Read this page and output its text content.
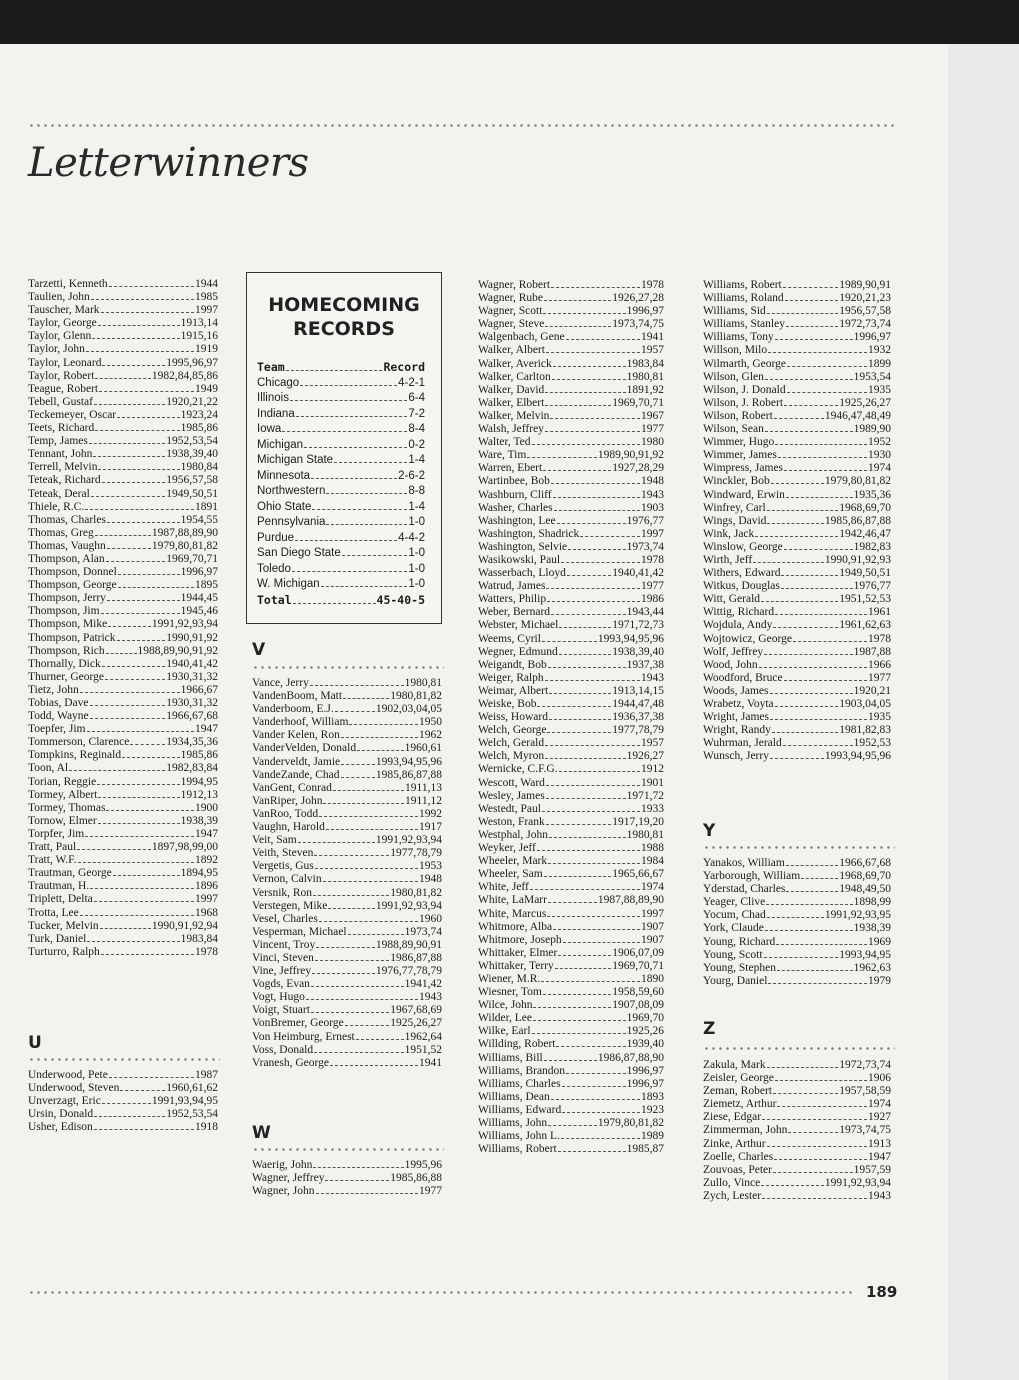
Letterwinners
Tarzetti, Kenneth	1944
Taulien, John	1985
Tauscher, Mark	1997
Taylor, George	1913,14
Taylor, Glenn	1915,16
Taylor, John	1919
Taylor, Leonard	1995,96,97
Taylor, Robert	1982,84,85,86
Teague, Robert	1949
Tebell, Gustaf	1920,21,22
Teckemeyer, Oscar	1923,24
Teets, Richard	1985,86
Temp, James	1952,53,54
Tennant, John	1938,39,40
Terrell, Melvin	1980,84
Teteak, Richard	1956,57,58
Teteak, Deral	1949,50,51
Thiele, R.C.	1891
Thomas, Charles	1954,55
Thomas, Greg	1987,88,89,90
Thomas, Vaughn	1979,80,81,82
Thompson, Alan	1969,70,71
Thompson, Donnel	1996,97
Thompson, George	1895
Thompson, Jerry	1944,45
Thompson, Jim	1945,46
Thompson, Mike	1991,92,93,94
Thompson, Patrick	1990,91,92
Thompson, Rich	1988,89,90,91,92
Thornally, Dick	1940,41,42
Thurner, George	1930,31,32
Tietz, John	1966,67
Tobias, Dave	1930,31,32
Todd, Wayne	1966,67,68
Toepfer, Jim	1947
Tommerson, Clarence	1934,35,36
Tompkins, Reginald	1985,86
Toon, Al	1982,83,84
Torian, Reggie	1994,95
Tormey, Albert	1912,13
Tormey, Thomas	1900
Tornow, Elmer	1938,39
Torpfer, Jim	1947
Tratt, Paul	1897,98,99,00
Tratt, W.F.	1892
Trautman, George	1894,95
Trautman, H.	1896
Triplett, Delta	1997
Trotta, Lee	1968
Tucker, Melvin	1990,91,92,94
Turk, Daniel	1983,84
Turturro, Ralph	1978
U
Underwood, Pete	1987
Underwood, Steven	1960,61,62
Unverzagt, Eric	1991,93,94,95
Ursin, Donald	1952,53,54
Usher, Edison	1918
HOMECOMING
RECORDS
Team	Record
Chicago	4-2-1
Illinois	6-4
Indiana	7-2
Iowa	8-4
Michigan	0-2
Michigan State	1-4
Minnesota	2-6-2
Northwestern	8-8
Ohio State	1-4
Pennsylvania	1-0
Purdue	4-4-2
San Diego State	1-0
Toledo	1-0
W. Michigan	1-0
Total	45-40-5
V
Vance, Jerry	1980,81
VandenBoom, Matt	1980,81,82
Vanderboom, E.J.	1902,03,04,05
Vanderhoof, William	1950
Vander Kelen, Ron	1962
VanderVelden, Donald	1960,61
Vanderveldt, Jamie	1993,94,95,96
VandeZande, Chad	1985,86,87,88
VanGent, Conrad	1911,13
VanRiper, John	1911,12
VanRoo, Todd	1992
Vaughn, Harold	1917
Veit, Sam	1991,92,93,94
Veith, Steven	1977,78,79
Vergetis, Gus	1953
Vernon, Calvin	1948
Versnik, Ron	1980,81,82
Verstegen, Mike	1991,92,93,94
Vesel, Charles	1960
Vesperman, Michael	1973,74
Vincent, Troy	1988,89,90,91
Vinci, Steven	1986,87,88
Vine, Jeffrey	1976,77,78,79
Vogds, Evan	1941,42
Vogt, Hugo	1943
Voigt, Stuart	1967,68,69
VonBremer, George	1925,26,27
Von Heimburg, Ernest	1962,64
Voss, Donald	1951,52
Vranesh, George	1941
W
Waerig, John	1995,96
Wagner, Jeffrey	1985,86,88
Wagner, John	1977
Wagner, Robert	1978
Wagner, Rube	1926,27,28
Wagner, Scott	1996,97
Wagner, Steve	1973,74,75
Walgenbach, Gene	1941
Walker, Albert	1957
Walker, Averick	1983,84
Walker, Carlton	1980,81
Walker, David	1891,92
Walker, Elbert	1969,70,71
Walker, Melvin	1967
Walsh, Jeffrey	1977
Walter, Ted	1980
Ware, Tim	1989,90,91,92
Warren, Ebert	1927,28,29
Wartinbee, Bob	1948
Washburn, Cliff	1943
Washer, Charles	1903
Washington, Lee	1976,77
Washington, Shadrick	1997
Washington, Selvie	1973,74
Wasikowski, Paul	1978
Wasserbach, Lloyd	1940,41,42
Watrud, James	1977
Watters, Philip	1986
Weber, Bernard	1943,44
Webster, Michael	1971,72,73
Weems, Cyril	1993,94,95,96
Wegner, Edmund	1938,39,40
Weigandt, Bob	1937,38
Weiger, Ralph	1943
Weimar, Albert	1913,14,15
Weiske, Bob	1944,47,48
Weiss, Howard	1936,37,38
Welch, George	1977,78,79
Welch, Gerald	1957
Welch, Myron	1926,27
Wernicke, C.F.G.	1912
Wescott, Ward	1901
Wesley, James	1971,72
Westedt, Paul	1933
Weston, Frank	1917,19,20
Westphal, John	1980,81
Weyker, Jeff	1988
Wheeler, Mark	1984
Wheeler, Sam	1965,66,67
White, Jeff	1974
White, LaMarr	1987,88,89,90
White, Marcus	1997
Whitmore, Alba	1907
Whitmore, Joseph	1907
Whittaker, Elmer	1906,07,09
Whittaker, Terry	1969,70,71
Wiener, M.R.	1890
Wiesner, Tom	1958,59,60
Wilce, John	1907,08,09
Wilder, Lee	1969,70
Wilke, Earl	1925,26
Willding, Robert	1939,40
Williams, Bill	1986,87,88,90
Williams, Brandon	1996,97
Williams, Charles	1996,97
Williams, Dean	1893
Williams, Edward	1923
Williams, John	1979,80,81,82
Williams, John L.	1989
Williams, Robert	1985,87
Williams, Robert	1989,90,91
Williams, Roland	1920,21,23
Williams, Sid	1956,57,58
Williams, Stanley	1972,73,74
Williams, Tony	1996,97
Willson, Milo	1932
Wilmarth, George	1899
Wilson, Glen	1953,54
Wilson, J. Donald	1935
Wilson, J. Robert	1925,26,27
Wilson, Robert	1946,47,48,49
Wilson, Sean	1989,90
Wimmer, Hugo	1952
Wimmer, James	1930
Wimpress, James	1974
Winckler, Bob	1979,80,81,82
Windward, Erwin	1935,36
Winfrey, Carl	1968,69,70
Wings, David	1985,86,87,88
Wink, Jack	1942,46,47
Winslow, George	1982,83
Wirth, Jeff	1990,91,92,93
Withers, Edward	1949,50,51
Witkus, Douglas	1976,77
Witt, Gerald	1951,52,53
Wittig, Richard	1961
Wojdula, Andy	1961,62,63
Wojtowicz, George	1978
Wolf, Jeffrey	1987,88
Wood, John	1966
Woodford, Bruce	1977
Woods, James	1920,21
Wrabetz, Voyta	1903,04,05
Wright, James	1935
Wright, Randy	1981,82,83
Wuhrman, Jerald	1952,53
Wunsch, Jerry	1993,94,95,96
Y
Yanakos, William	1966,67,68
Yarborough, William	1968,69,70
Yderstad, Charles	1948,49,50
Yeager, Clive	1898,99
Yocum, Chad	1991,92,93,95
York, Claude	1938,39
Young, Richard	1969
Young, Scott	1993,94,95
Young, Stephen	1962,63
Yourg, Daniel	1979
Z
Zakula, Mark	1972,73,74
Zeisler, George	1906
Zeman, Robert	1957,58,59
Ziemetz, Arthur	1974
Ziese, Edgar	1927
Zimmerman, John	1973,74,75
Zinke, Arthur	1913
Zoelle, Charles	1947
Zouvoas, Peter	1957,59
Zullo, Vince	1991,92,93,94
Zych, Lester	1943
189
